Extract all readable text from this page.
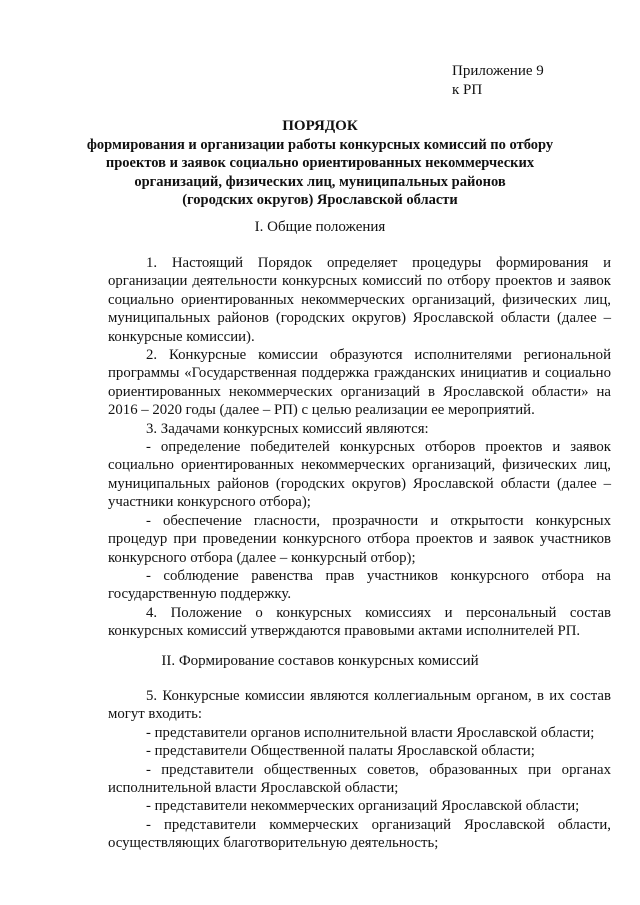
Приложение 9
к РП
ПОРЯДОК
формирования и организации работы конкурсных комиссий по отбору
проектов и заявок социально ориентированных некоммерческих
организаций, физических лиц, муниципальных районов
(городских округов) Ярославской области
I. Общие положения

1. Настоящий Порядок определяет процедуры формирования и организации деятельности конкурсных комиссий по отбору проектов и заявок социально ориентированных некоммерческих организаций, физических лиц, муниципальных районов (городских округов) Ярославской области (далее – конкурсные комиссии).

2. Конкурсные комиссии образуются исполнителями региональной программы «Государственная поддержка гражданских инициатив и социально ориентированных некоммерческих организаций в Ярославской области» на 2016 – 2020 годы (далее – РП) с целью реализации ее мероприятий.

3. Задачами конкурсных комиссий являются:

- определение победителей конкурсных отборов проектов и заявок социально ориентированных некоммерческих организаций, физических лиц, муниципальных районов (городских округов) Ярославской области (далее – участники конкурсного отбора);

- обеспечение гласности, прозрачности и открытости конкурсных процедур при проведении конкурсного отбора проектов и заявок участников конкурсного отбора (далее – конкурсный отбор);

- соблюдение равенства прав участников конкурсного отбора на государственную поддержку.

4. Положение о конкурсных комиссиях и персональный состав конкурсных комиссий утверждаются правовыми актами исполнителей РП.

II. Формирование составов конкурсных комиссий

5. Конкурсные комиссии являются коллегиальным органом, в их состав могут входить:

- представители органов исполнительной власти Ярославской области;

- представители Общественной палаты Ярославской области;

- представители общественных советов, образованных при органах исполнительной власти Ярославской области;

- представители некоммерческих организаций Ярославской области;

- представители коммерческих организаций Ярославской области, осуществляющих благотворительную деятельность;
